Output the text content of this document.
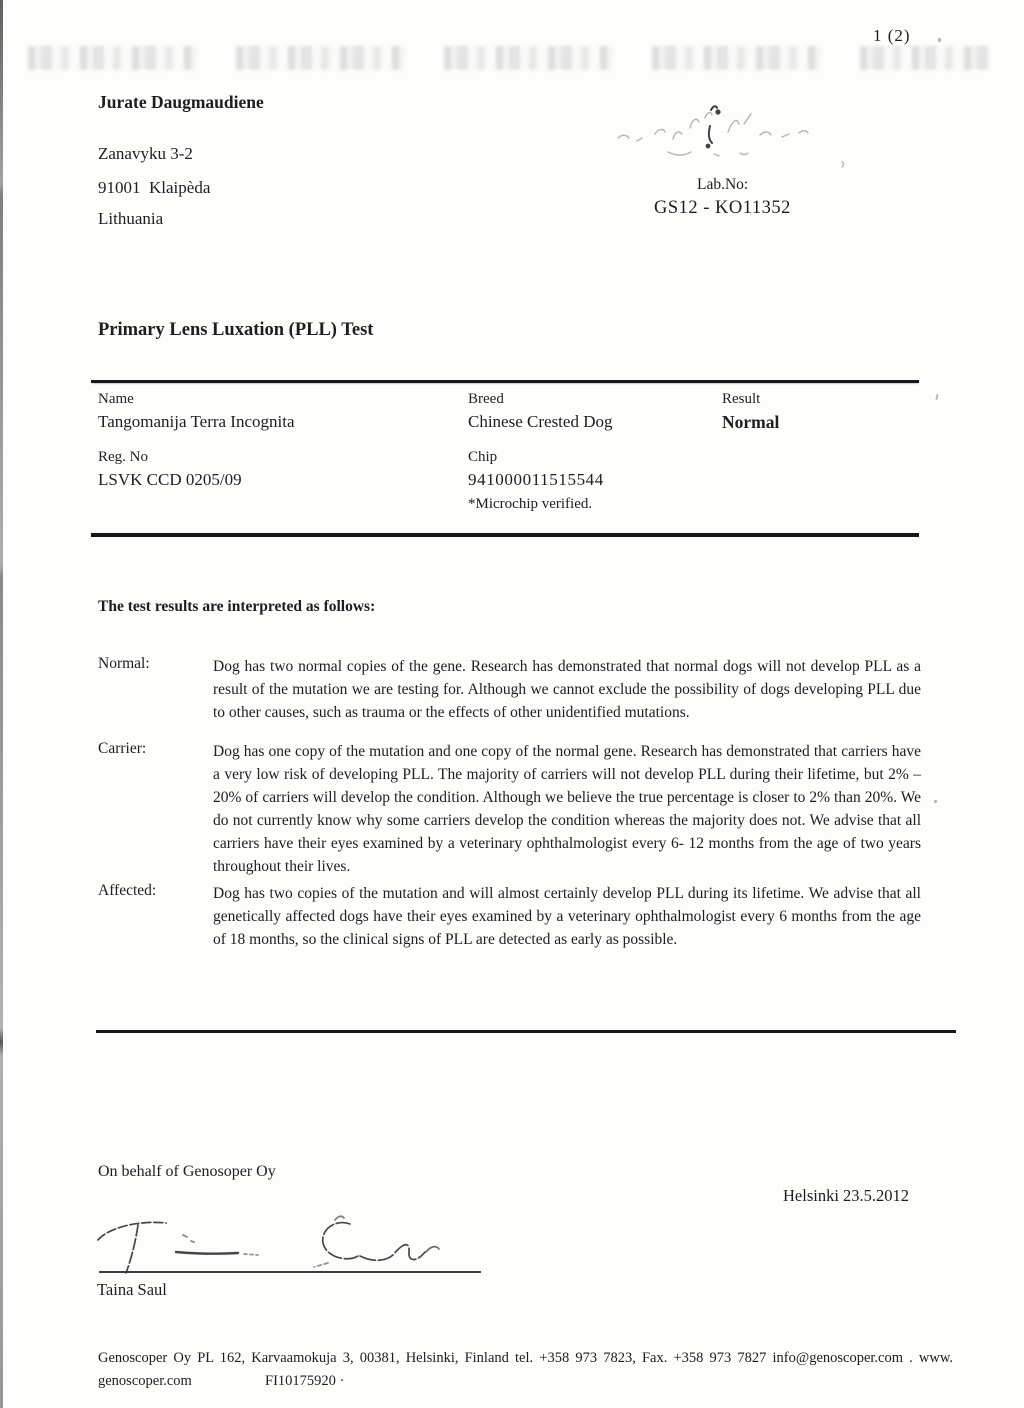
1 (2)
Jurate Daugmaudiene
Zanavyku 3-2
91001  Klaipèda
Lithuania
Lab.No:
GS12 - KO11352
Primary Lens Luxation (PLL) Test
Name	Breed	Result
Tangomanija Terra Incognita	Chinese Crested Dog	Normal
Reg. No	Chip
LSVK CCD 0205/09	941000011515544
*Microchip verified.
The test results are interpreted as follows:
Normal:	Dog has two normal copies of the gene. Research has demonstrated that normal dogs will not develop PLL as a result of the mutation we are testing for. Although we cannot exclude the possibility of dogs developing PLL due to other causes, such as trauma or the effects of other unidentified mutations.
Carrier:	Dog has one copy of the mutation and one copy of the normal gene. Research has demonstrated that carriers have a very low risk of developing PLL. The majority of carriers will not develop PLL during their lifetime, but 2% – 20% of carriers will develop the condition. Although we believe the true percentage is closer to 2% than 20%. We do not currently know why some carriers develop the condition whereas the majority does not. We advise that all carriers have their eyes examined by a veterinary ophthalmologist every 6- 12 months from the age of two years throughout their lives.
Affected:	Dog has two copies of the mutation and will almost certainly develop PLL during its lifetime. We advise that all genetically affected dogs have their eyes examined by a veterinary ophthalmologist every 6 months from the age of 18 months, so the clinical signs of PLL are detected as early as possible.
On behalf of Genosoper Oy
Helsinki 23.5.2012
Taina Saul
Genoscoper Oy PL 162, Karvaamokuja 3, 00381, Helsinki, Finland tel. +358 973 7823, Fax. +358 973 7827 info@genoscoper.com . www.
genoscoper.com	FI10175920 ·
